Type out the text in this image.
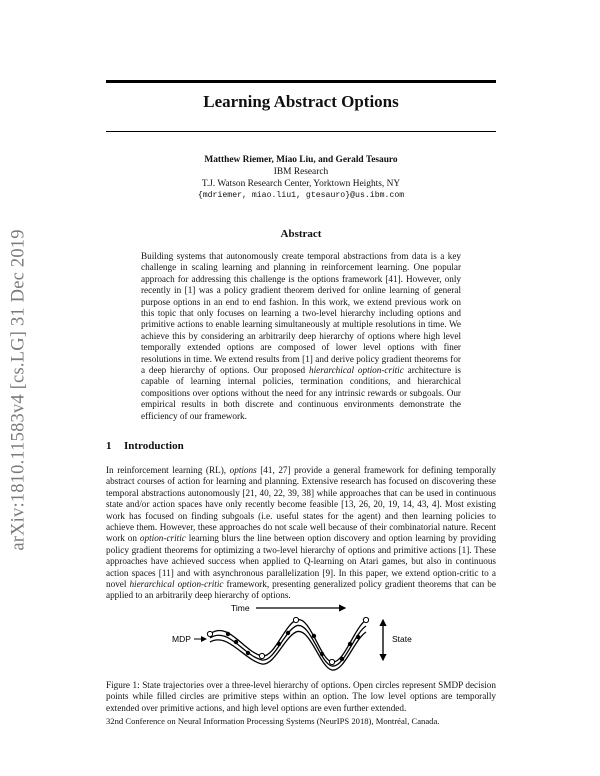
arXiv:1810.11583v4 [cs.LG] 31 Dec 2019
Learning Abstract Options
Matthew Riemer, Miao Liu, and Gerald Tesauro
IBM Research
T.J. Watson Research Center, Yorktown Heights, NY
{mdriemer, miao.liu1, gtesauro}@us.ibm.com
Abstract
Building systems that autonomously create temporal abstractions from data is a key challenge in scaling learning and planning in reinforcement learning. One popular approach for addressing this challenge is the options framework [41]. However, only recently in [1] was a policy gradient theorem derived for online learning of general purpose options in an end to end fashion. In this work, we extend previous work on this topic that only focuses on learning a two-level hierarchy including options and primitive actions to enable learning simultaneously at multiple resolutions in time. We achieve this by considering an arbitrarily deep hierarchy of options where high level temporally extended options are composed of lower level options with finer resolutions in time. We extend results from [1] and derive policy gradient theorems for a deep hierarchy of options. Our proposed hierarchical option-critic architecture is capable of learning internal policies, termination conditions, and hierarchical compositions over options without the need for any intrinsic rewards or subgoals. Our empirical results in both discrete and continuous environments demonstrate the efficiency of our framework.
1 Introduction
In reinforcement learning (RL), options [41, 27] provide a general framework for defining temporally abstract courses of action for learning and planning. Extensive research has focused on discovering these temporal abstractions autonomously [21, 40, 22, 39, 38] while approaches that can be used in continuous state and/or action spaces have only recently become feasible [13, 26, 20, 19, 14, 43, 4]. Most existing work has focused on finding subgoals (i.e. useful states for the agent) and then learning policies to achieve them. However, these approaches do not scale well because of their combinatorial nature. Recent work on option-critic learning blurs the line between option discovery and option learning by providing policy gradient theorems for optimizing a two-level hierarchy of options and primitive actions [1]. These approaches have achieved success when applied to Q-learning on Atari games, but also in continuous action spaces [11] and with asynchronous parallelization [9]. In this paper, we extend option-critic to a novel hierarchical option-critic framework, presenting generalized policy gradient theorems that can be applied to an arbitrarily deep hierarchy of options.
Time
MDP	State
Figure 1: State trajectories over a three-level hierarchy of options. Open circles represent SMDP decision points while filled circles are primitive steps within an option. The low level options are temporally extended over primitive actions, and high level options are even further extended.
32nd Conference on Neural Information Processing Systems (NeurIPS 2018), Montréal, Canada.
